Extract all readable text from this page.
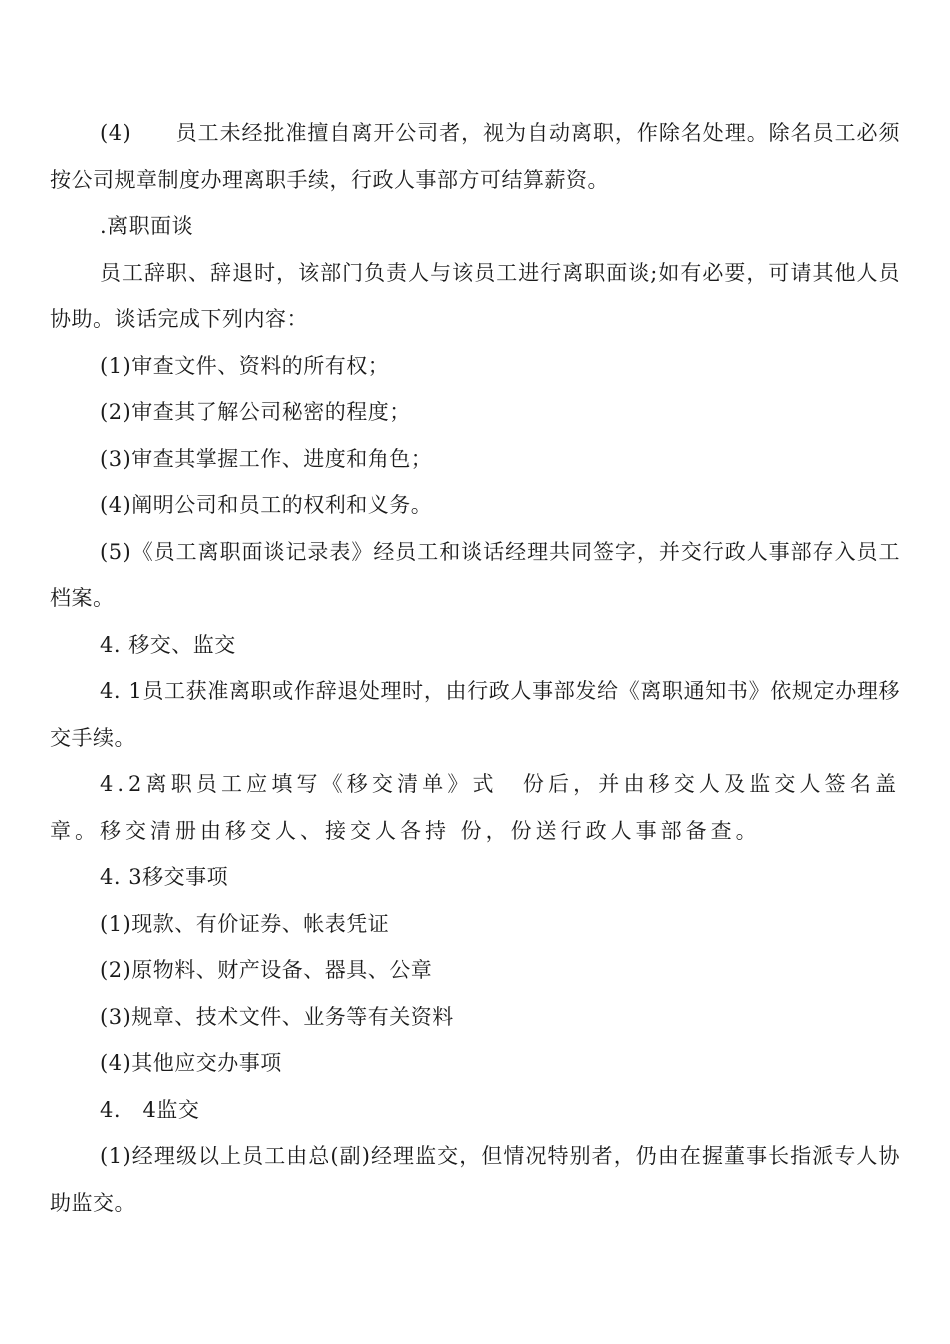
(4)　　员工未经批准擅自离开公司者，视为自动离职，作除名处理。除名员工必须按公司规章制度办理离职手续，行政人事部方可结算薪资。

.离职面谈

员工辞职、辞退时，该部门负责人与该员工进行离职面谈;如有必要，可请其他人员协助。谈话完成下列内容：

(1)审查文件、资料的所有权；

(2)审查其了解公司秘密的程度；

(3)审查其掌握工作、进度和角色；

(4)阐明公司和员工的权利和义务。

(5)《员工离职面谈记录表》经员工和谈话经理共同签字，并交行政人事部存入员工档案。

4. 移交、监交

4. 1员工获准离职或作辞退处理时，由行政人事部发给《离职通知书》依规定办理移交手续。

4.2离职员工应填写《移交清单》式　份后，并由移交人及监交人签名盖章。移交清册由移交人、接交人各持 份，份送行政人事部备查。

4. 3移交事项

(1)现款、有价证券、帐表凭证

(2)原物料、财产设备、器具、公章

(3)规章、技术文件、业务等有关资料

(4)其他应交办事项

4.　4监交

(1)经理级以上员工由总(副)经理监交，但情况特别者，仍由在握董事长指派专人协助监交。
